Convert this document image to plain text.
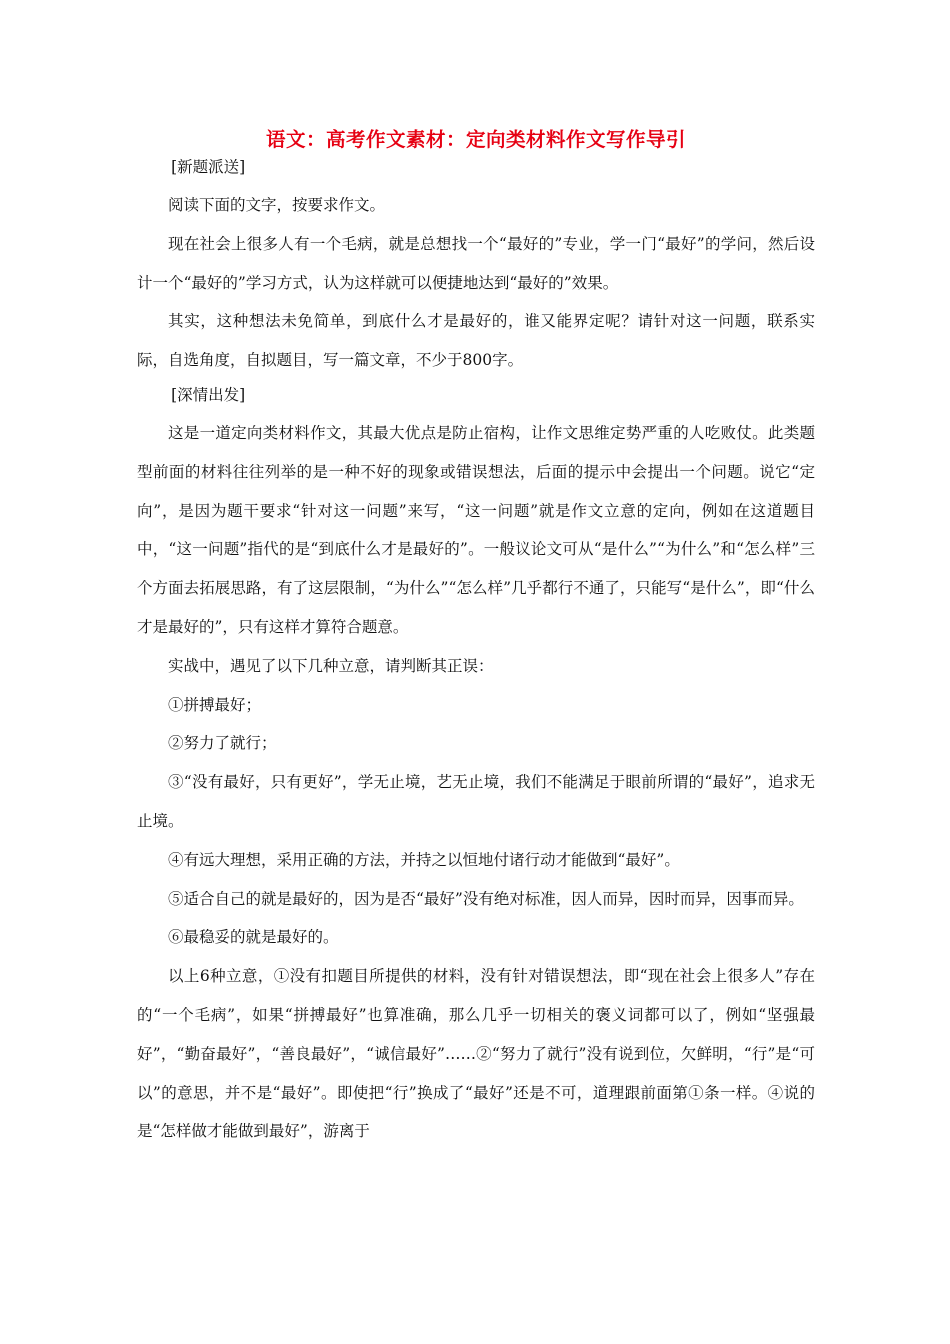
语文：高考作文素材：定向类材料作文写作导引

[新题派送]

阅读下面的文字，按要求作文。

现在社会上很多人有一个毛病，就是总想找一个“最好的”专业，学一门“最好”的学问，然后设计一个“最好的”学习方式，认为这样就可以便捷地达到“最好的”效果。

其实，这种想法未免简单，到底什么才是最好的，谁又能界定呢？请针对这一问题，联系实际，自选角度，自拟题目，写一篇文章，不少于800字。

[深情出发]

这是一道定向类材料作文，其最大优点是防止宿构，让作文思维定势严重的人吃败仗。此类题型前面的材料往往列举的是一种不好的现象或错误想法，后面的提示中会提出一个问题。说它“定向”，是因为题干要求“针对这一问题”来写，“这一问题”就是作文立意的定向，例如在这道题目中，“这一问题”指代的是“到底什么才是最好的”。一般议论文可从“是什么”“为什么”和“怎么样”三个方面去拓展思路，有了这层限制，“为什么”“怎么样”几乎都行不通了，只能写“是什么”，即“什么才是最好的”，只有这样才算符合题意。

实战中，遇见了以下几种立意，请判断其正误：

①拼搏最好；

②努力了就行；

③“没有最好，只有更好”，学无止境，艺无止境，我们不能满足于眼前所谓的“最好”，追求无止境。

④有远大理想，采用正确的方法，并持之以恒地付诸行动才能做到“最好”。

⑤适合自己的就是最好的，因为是否“最好”没有绝对标准，因人而异，因时而异，因事而异。

⑥最稳妥的就是最好的。

以上6种立意，①没有扣题目所提供的材料，没有针对错误想法，即“现在社会上很多人”存在的“一个毛病”，如果“拼搏最好”也算准确，那么几乎一切相关的褒义词都可以了，例如“坚强最好”，“勤奋最好”，“善良最好”，“诚信最好”……②“努力了就行”没有说到位，欠鲜明，“行”是“可以”的意思，并不是“最好”。即使把“行”换成了“最好”还是不可，道理跟前面第①条一样。④说的是“怎样做才能做到最好”，游离于
